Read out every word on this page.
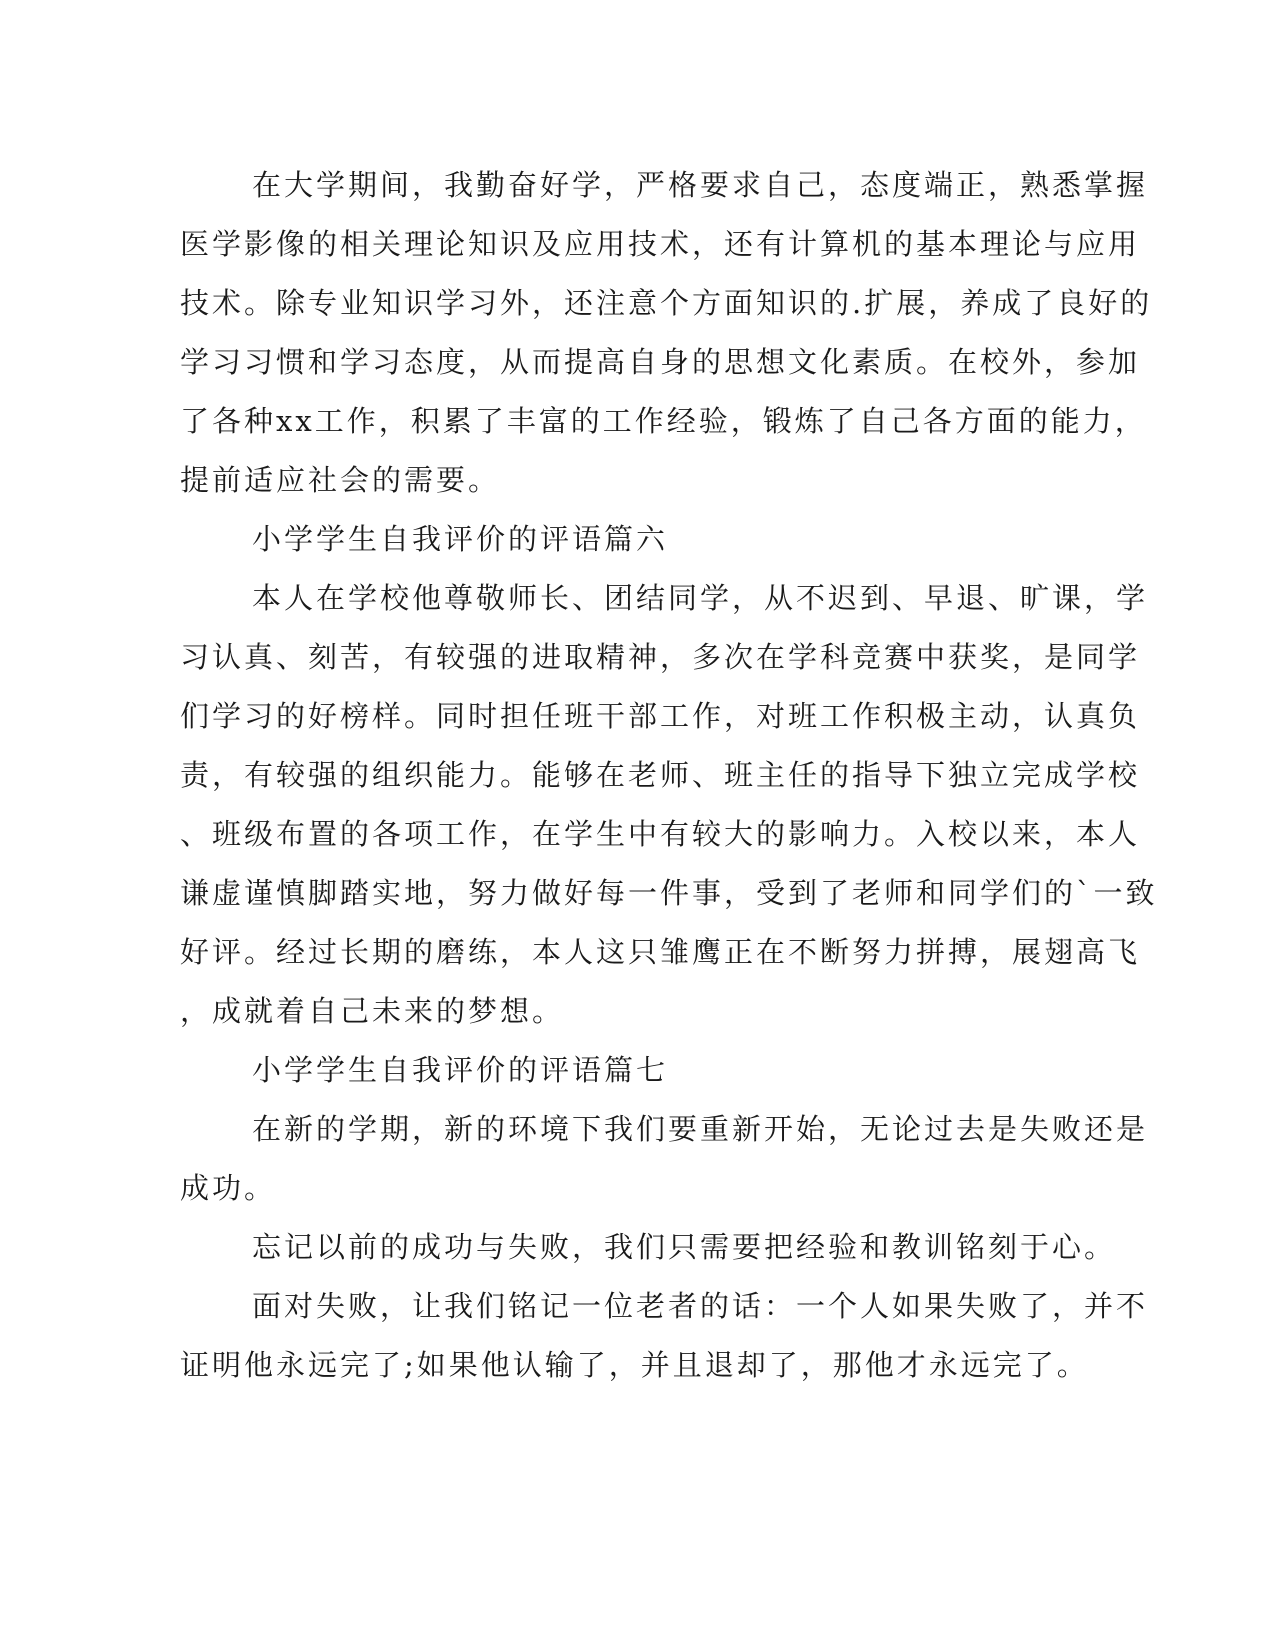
在大学期间，我勤奋好学，严格要求自己，态度端正，熟悉掌握
医学影像的相关理论知识及应用技术，还有计算机的基本理论与应用
技术。除专业知识学习外，还注意个方面知识的.扩展，养成了良好的
学习习惯和学习态度，从而提高自身的思想文化素质。在校外，参加
了各种xx工作，积累了丰富的工作经验，锻炼了自己各方面的能力，
提前适应社会的需要。
小学学生自我评价的评语篇六
本人在学校他尊敬师长、团结同学，从不迟到、早退、旷课，学
习认真、刻苦，有较强的进取精神，多次在学科竞赛中获奖，是同学
们学习的好榜样。同时担任班干部工作，对班工作积极主动，认真负
责，有较强的组织能力。能够在老师、班主任的指导下独立完成学校
、班级布置的各项工作，在学生中有较大的影响力。入校以来，本人
谦虚谨慎脚踏实地，努力做好每一件事，受到了老师和同学们的`一致
好评。经过长期的磨练，本人这只雏鹰正在不断努力拼搏，展翅高飞
，成就着自己未来的梦想。
小学学生自我评价的评语篇七
在新的学期，新的环境下我们要重新开始，无论过去是失败还是
成功。
忘记以前的成功与失败，我们只需要把经验和教训铭刻于心。
面对失败，让我们铭记一位老者的话：一个人如果失败了，并不
证明他永远完了;如果他认输了，并且退却了，那他才永远完了。
